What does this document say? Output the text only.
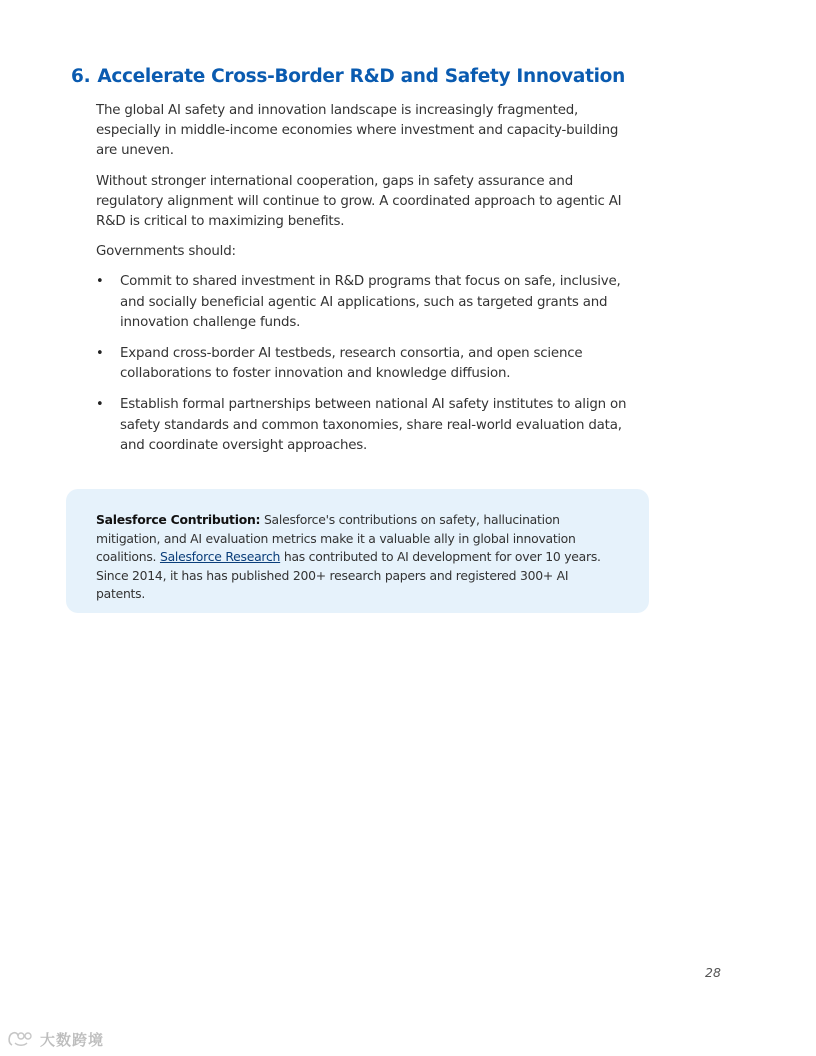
6. Accelerate Cross-Border R&D and Safety Innovation

The global AI safety and innovation landscape is increasingly fragmented, especially in middle-income economies where investment and capacity-building are uneven.

Without stronger international cooperation, gaps in safety assurance and regulatory alignment will continue to grow. A coordinated approach to agentic AI R&D is critical to maximizing benefits.

Governments should:

• Commit to shared investment in R&D programs that focus on safe, inclusive, and socially beneficial agentic AI applications, such as targeted grants and innovation challenge funds.
• Expand cross-border AI testbeds, research consortia, and open science collaborations to foster innovation and knowledge diffusion.
• Establish formal partnerships between national AI safety institutes to align on safety standards and common taxonomies, share real-world evaluation data, and coordinate oversight approaches.

Salesforce Contribution: Salesforce's contributions on safety, hallucination mitigation, and AI evaluation metrics make it a valuable ally in global innovation coalitions. Salesforce Research has contributed to AI development for over 10 years. Since 2014, it has has published 200+ research papers and registered 300+ AI patents.

28
大数跨境
